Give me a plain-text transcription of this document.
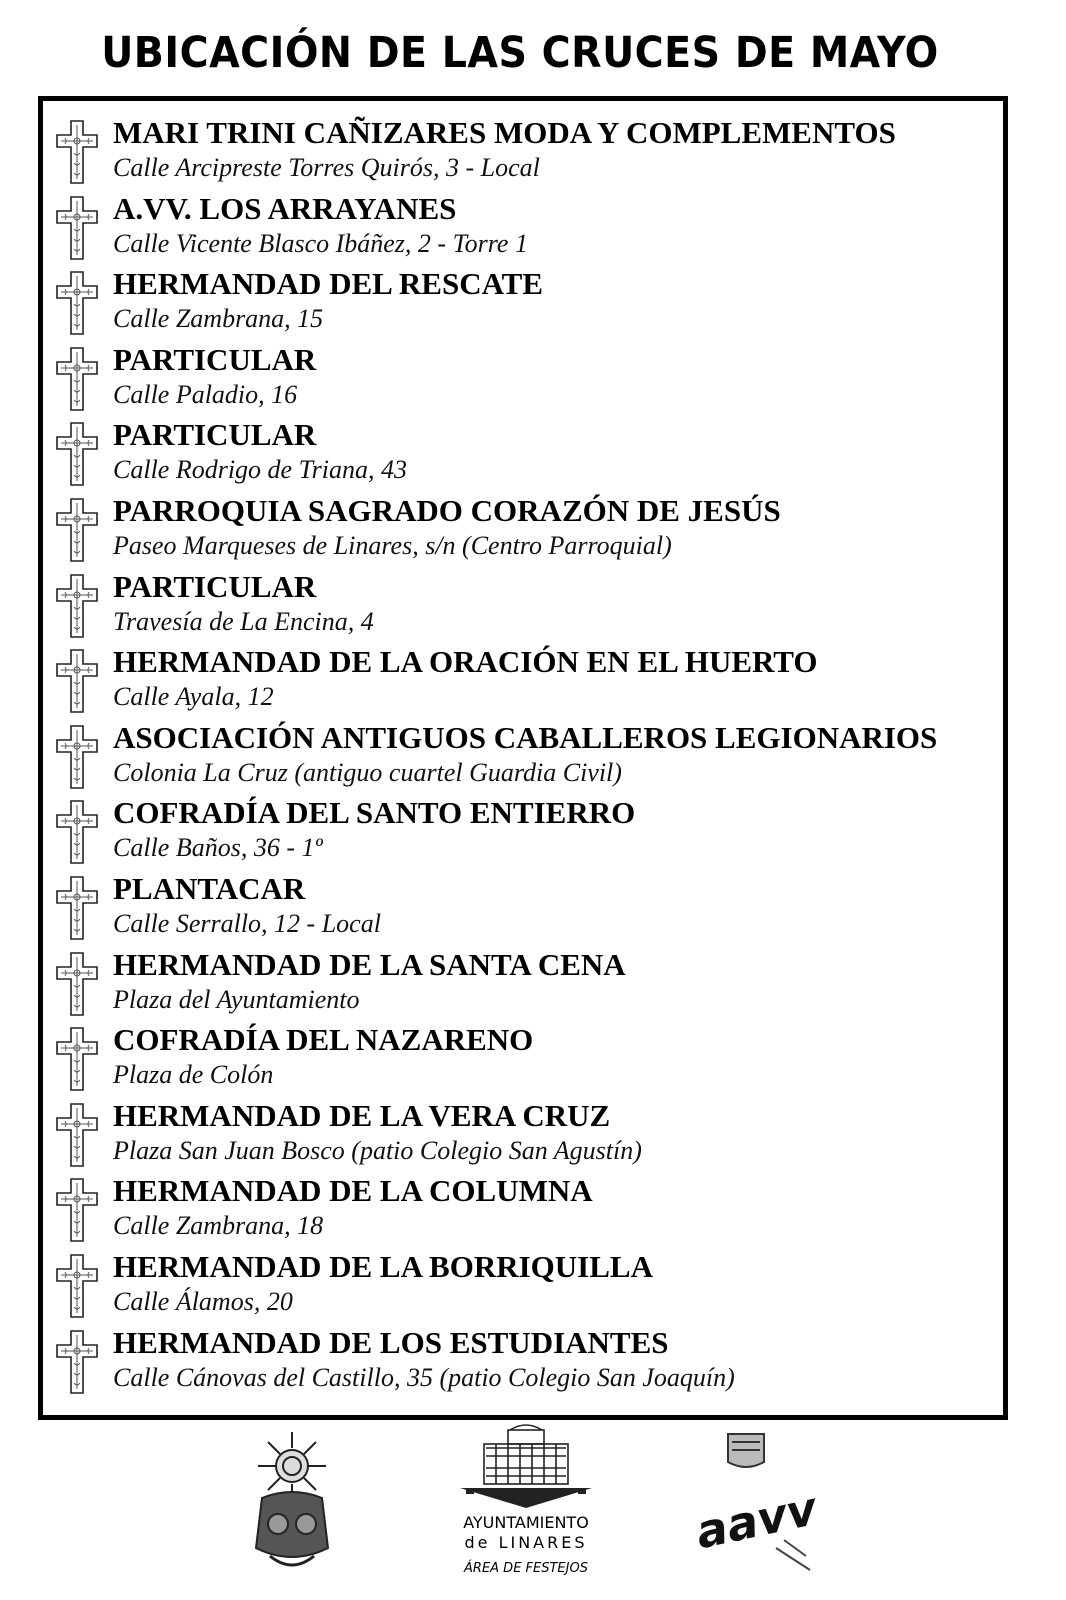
UBICACIÓN DE LAS CRUCES DE MAYO
MARI TRINI CAÑIZARES MODA Y COMPLEMENTOS
Calle Arcipreste Torres Quirós, 3 - Local
A.VV. LOS ARRAYANES
Calle Vicente Blasco Ibáñez, 2 - Torre 1
HERMANDAD DEL RESCATE
Calle Zambrana, 15
PARTICULAR
Calle Paladio, 16
PARTICULAR
Calle Rodrigo de Triana, 43
PARROQUIA SAGRADO CORAZÓN DE JESÚS
Paseo Marqueses de Linares, s/n (Centro Parroquial)
PARTICULAR
Travesía de La Encina, 4
HERMANDAD DE LA ORACIÓN EN EL HUERTO
Calle Ayala, 12
ASOCIACIÓN ANTIGUOS CABALLEROS LEGIONARIOS
Colonia La Cruz (antiguo cuartel Guardia Civil)
COFRADÍA DEL SANTO ENTIERRO
Calle Baños, 36 - 1º
PLANTACAR
Calle Serrallo, 12 - Local
HERMANDAD DE LA SANTA CENA
Plaza del Ayuntamiento
COFRADÍA DEL NAZARENO
Plaza de Colón
HERMANDAD DE LA VERA CRUZ
Plaza San Juan Bosco (patio Colegio San Agustín)
HERMANDAD DE LA COLUMNA
Calle Zambrana, 18
HERMANDAD DE LA BORRIQUILLA
Calle Álamos, 20
HERMANDAD DE LOS ESTUDIANTES
Calle Cánovas del Castillo, 35 (patio Colegio San Joaquín)
AYUNTAMIENTO
de LINARES
ÁREA DE FESTEJOS
aavv
